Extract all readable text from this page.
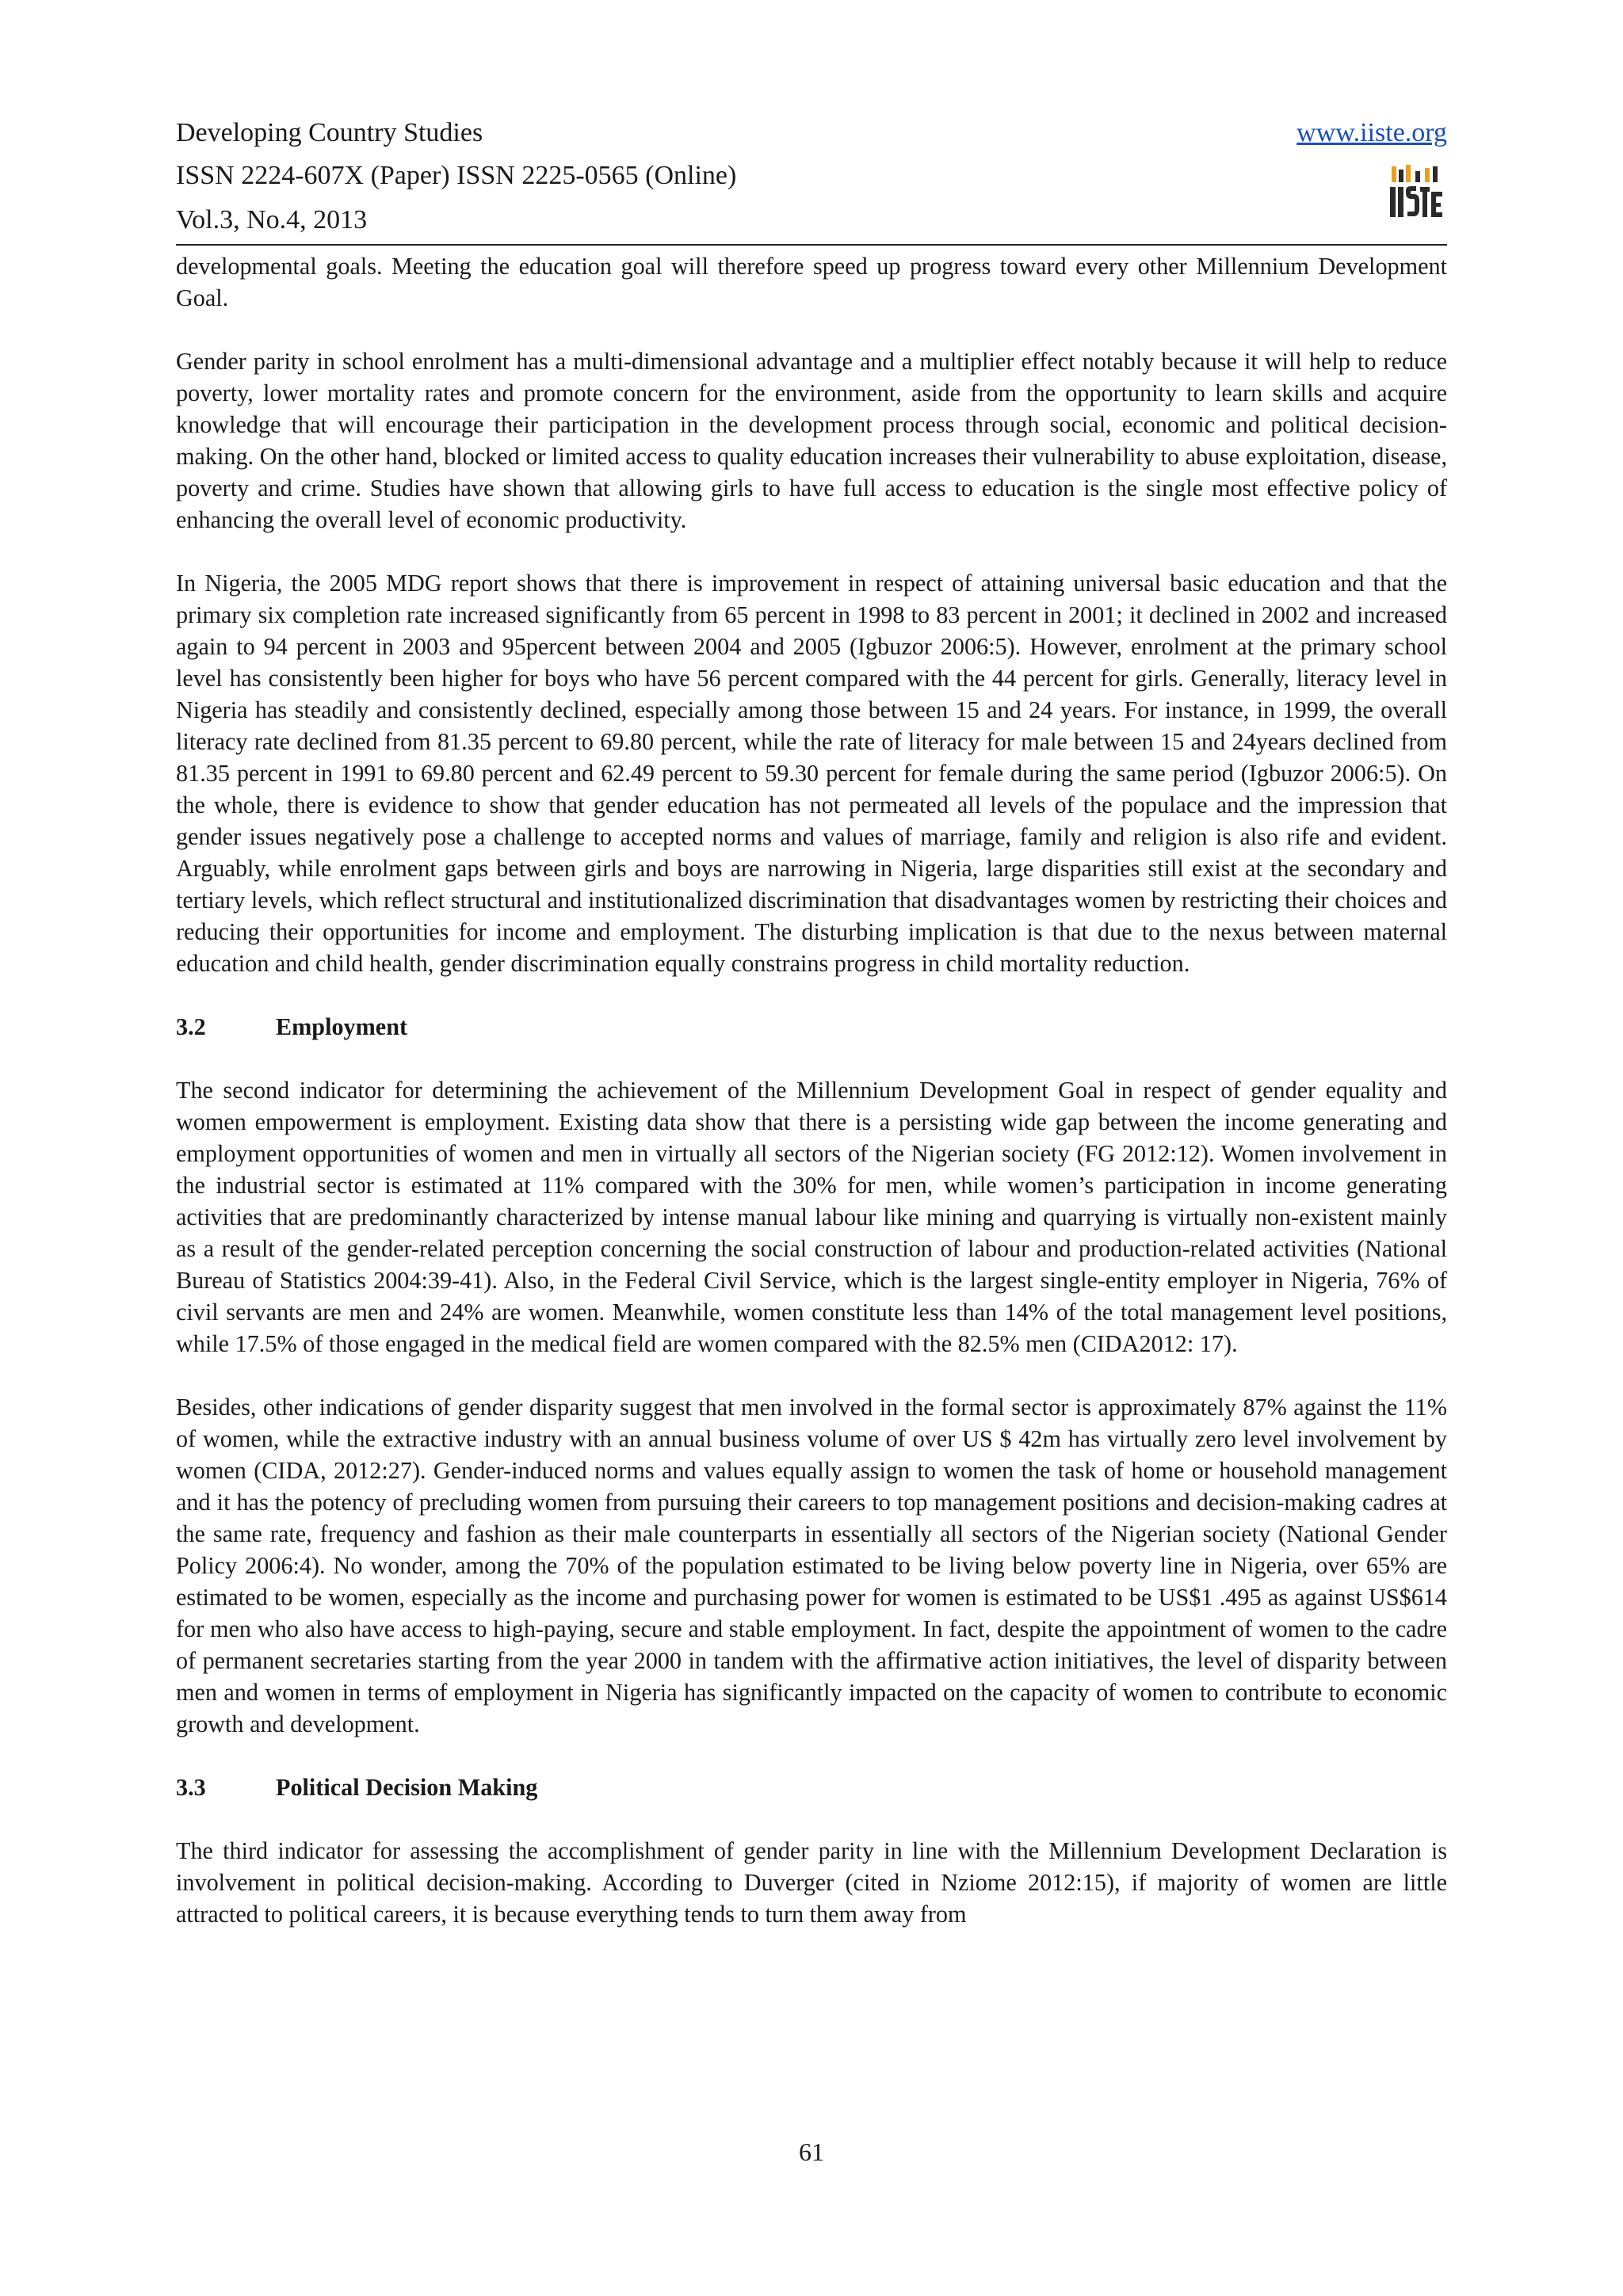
Developing Country Studies
ISSN 2224-607X (Paper) ISSN 2225-0565 (Online)
Vol.3, No.4, 2013
www.iiste.org

developmental goals. Meeting the education goal will therefore speed up progress toward every other Millennium Development Goal.

Gender parity in school enrolment has a multi-dimensional advantage and a multiplier effect notably because it will help to reduce poverty, lower mortality rates and promote concern for the environment, aside from the opportunity to learn skills and acquire knowledge that will encourage their participation in the development process through social, economic and political decision-making. On the other hand, blocked or limited access to quality education increases their vulnerability to abuse exploitation, disease, poverty and crime. Studies have shown that allowing girls to have full access to education is the single most effective policy of enhancing the overall level of economic productivity.

In Nigeria, the 2005 MDG report shows that there is improvement in respect of attaining universal basic education and that the primary six completion rate increased significantly from 65 percent in 1998 to 83 percent in 2001; it declined in 2002 and increased again to 94 percent in 2003 and 95percent between 2004 and 2005 (Igbuzor 2006:5). However, enrolment at the primary school level has consistently been higher for boys who have 56 percent compared with the 44 percent for girls. Generally, literacy level in Nigeria has steadily and consistently declined, especially among those between 15 and 24 years. For instance, in 1999, the overall literacy rate declined from 81.35 percent to 69.80 percent, while the rate of literacy for male between 15 and 24years declined from 81.35 percent in 1991 to 69.80 percent and 62.49 percent to 59.30 percent for female during the same period (Igbuzor 2006:5). On the whole, there is evidence to show that gender education has not permeated all levels of the populace and the impression that gender issues negatively pose a challenge to accepted norms and values of marriage, family and religion is also rife and evident. Arguably, while enrolment gaps between girls and boys are narrowing in Nigeria, large disparities still exist at the secondary and tertiary levels, which reflect structural and institutionalized discrimination that disadvantages women by restricting their choices and reducing their opportunities for income and employment. The disturbing implication is that due to the nexus between maternal education and child health, gender discrimination equally constrains progress in child mortality reduction.

3.2	Employment

The second indicator for determining the achievement of the Millennium Development Goal in respect of gender equality and women empowerment is employment. Existing data show that there is a persisting wide gap between the income generating and employment opportunities of women and men in virtually all sectors of the Nigerian society (FG 2012:12). Women involvement in the industrial sector is estimated at 11% compared with the 30% for men, while women’s participation in income generating activities that are predominantly characterized by intense manual labour like mining and quarrying is virtually non-existent mainly as a result of the gender-related perception concerning the social construction of labour and production-related activities (National Bureau of Statistics 2004:39-41). Also, in the Federal Civil Service, which is the largest single-entity employer in Nigeria, 76% of civil servants are men and 24% are women. Meanwhile, women constitute less than 14% of the total management level positions, while 17.5% of those engaged in the medical field are women compared with the 82.5% men (CIDA2012: 17).

Besides, other indications of gender disparity suggest that men involved in the formal sector is approximately 87% against the 11% of women, while the extractive industry with an annual business volume of over US $ 42m has virtually zero level involvement by women (CIDA, 2012:27). Gender-induced norms and values equally assign to women the task of home or household management and it has the potency of precluding women from pursuing their careers to top management positions and decision-making cadres at the same rate, frequency and fashion as their male counterparts in essentially all sectors of the Nigerian society (National Gender Policy 2006:4). No wonder, among the 70% of the population estimated to be living below poverty line in Nigeria, over 65% are estimated to be women, especially as the income and purchasing power for women is estimated to be US$1 .495 as against US$614 for men who also have access to high-paying, secure and stable employment. In fact, despite the appointment of women to the cadre of permanent secretaries starting from the year 2000 in tandem with the affirmative action initiatives, the level of disparity between men and women in terms of employment in Nigeria has significantly impacted on the capacity of women to contribute to economic growth and development.

3.3	Political Decision Making

The third indicator for assessing the accomplishment of gender parity in line with the Millennium Development Declaration is involvement in political decision-making. According to Duverger (cited in Nziome 2012:15), if majority of women are little attracted to political careers, it is because everything tends to turn them away from

61
